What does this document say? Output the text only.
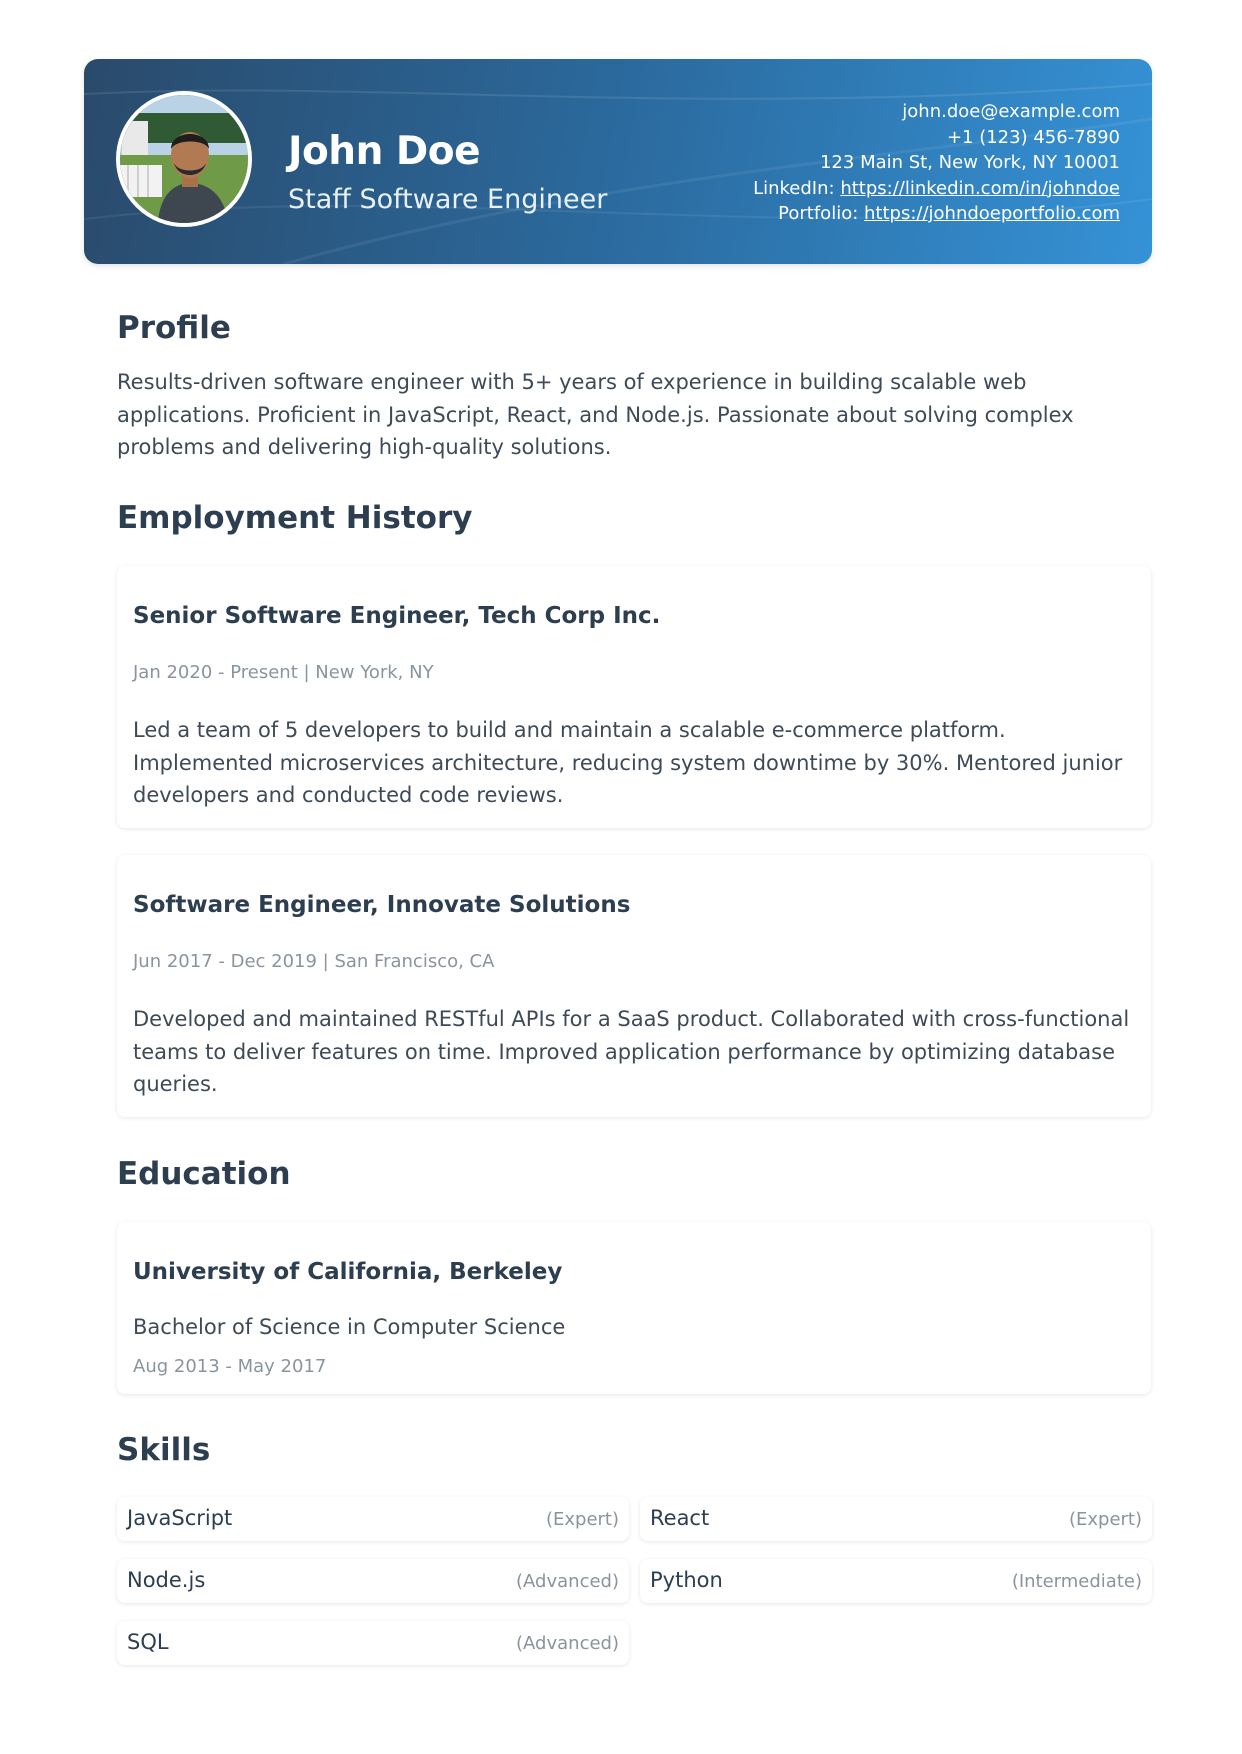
John Doe

Staff Software Engineer

john.doe@example.com
+1 (123) 456-7890
123 Main St, New York, NY 10001
LinkedIn: https://linkedin.com/in/johndoe
Portfolio: https://johndoeportfolio.com
Profile

Results-driven software engineer with 5+ years of experience in building scalable web applications. Proficient in JavaScript, React, and Node.js. Passionate about solving complex problems and delivering high-quality solutions.

Employment History
Senior Software Engineer, Tech Corp Inc.
Jan 2020 - Present | New York, NY

Led a team of 5 developers to build and maintain a scalable e-commerce platform. Implemented microservices architecture, reducing system downtime by 30%. Mentored junior developers and conducted code reviews.

Software Engineer, Innovate Solutions
Jun 2017 - Dec 2019 | San Francisco, CA

Developed and maintained RESTful APIs for a SaaS product. Collaborated with cross-functional teams to deliver features on time. Improved application performance by optimizing database queries.

Education
University of California, Berkeley
Bachelor of Science in Computer Science
Aug 2013 - May 2017
Skills
JavaScript	(Expert) React	(Expert)
Node.js	(Advanced) Python	(Intermediate)
SQL	(Advanced)
